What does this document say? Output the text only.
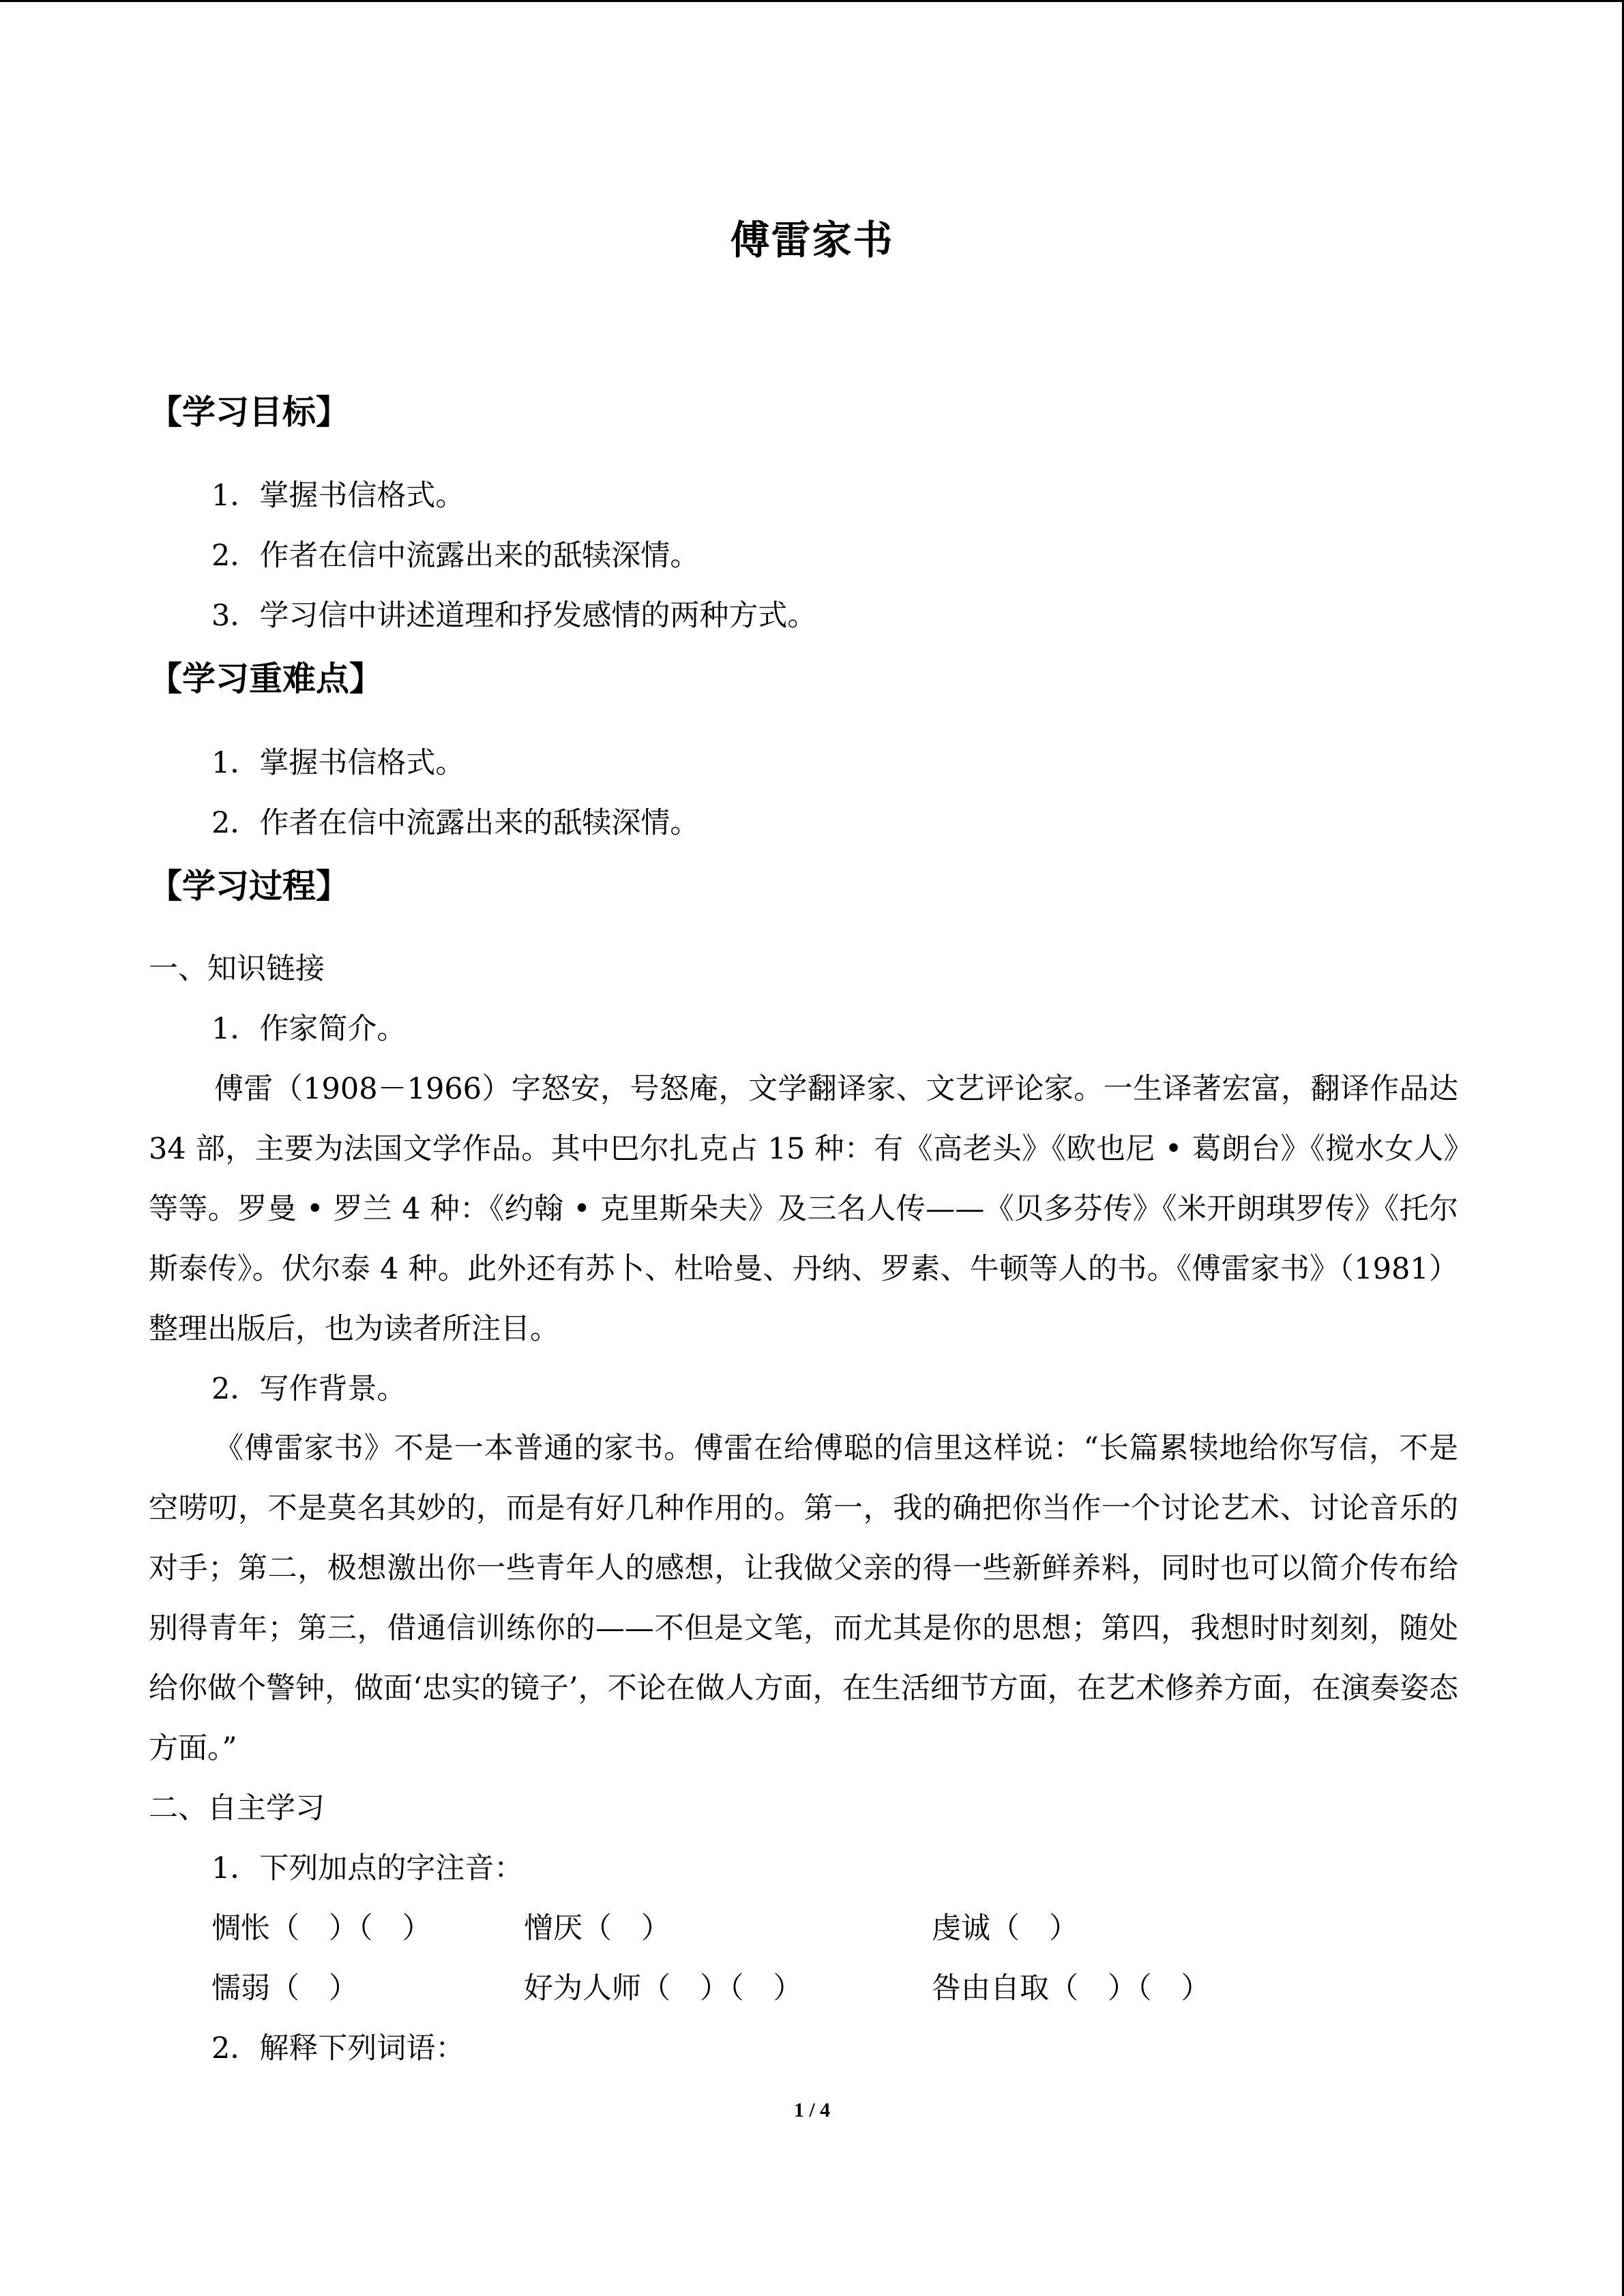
傅雷家书
【学习目标】
1．掌握书信格式。
2．作者在信中流露出来的舐犊深情。
3．学习信中讲述道理和抒发感情的两种方式。
【学习重难点】
1．掌握书信格式。
2．作者在信中流露出来的舐犊深情。
【学习过程】
一、知识链接
1．作家简介。
傅雷（1908－1966）字怒安，号怒庵，文学翻译家、文艺评论家。一生译著宏富，翻译作品达 34 部，主要为法国文学作品。其中巴尔扎克占 15 种：有《高老头》《欧也尼 • 葛朗台》《搅水女人》等等。罗曼 • 罗兰 4 种：《约翰 • 克里斯朵夫》及三名人传——《贝多芬传》《米开朗琪罗传》《托尔斯泰传》。伏尔泰 4 种。此外还有苏卜、杜哈曼、丹纳、罗素、牛顿等人的书。《傅雷家书》（1981）整理出版后，也为读者所注目。
2．写作背景。
《傅雷家书》不是一本普通的家书。傅雷在给傅聪的信里这样说：“长篇累犊地给你写信，不是空唠叨，不是莫名其妙的，而是有好几种作用的。第一，我的确把你当作一个讨论艺术、讨论音乐的对手；第二，极想激出你一些青年人的感想，让我做父亲的得一些新鲜养料，同时也可以简介传布给别得青年；第三，借通信训练你的——不但是文笔，而尤其是你的思想；第四，我想时时刻刻，随处给你做个警钟，做面‘忠实的镜子’，不论在做人方面，在生活细节方面，在艺术修养方面，在演奏姿态方面。”
二、自主学习
1．下列加点的字注音：
惆怅（　）（　）	憎厌（　）	虔诚（　）
懦弱（　）	好为人师（　）（　）	咎由自取（　）（　）
2．解释下列词语：
1 / 4
